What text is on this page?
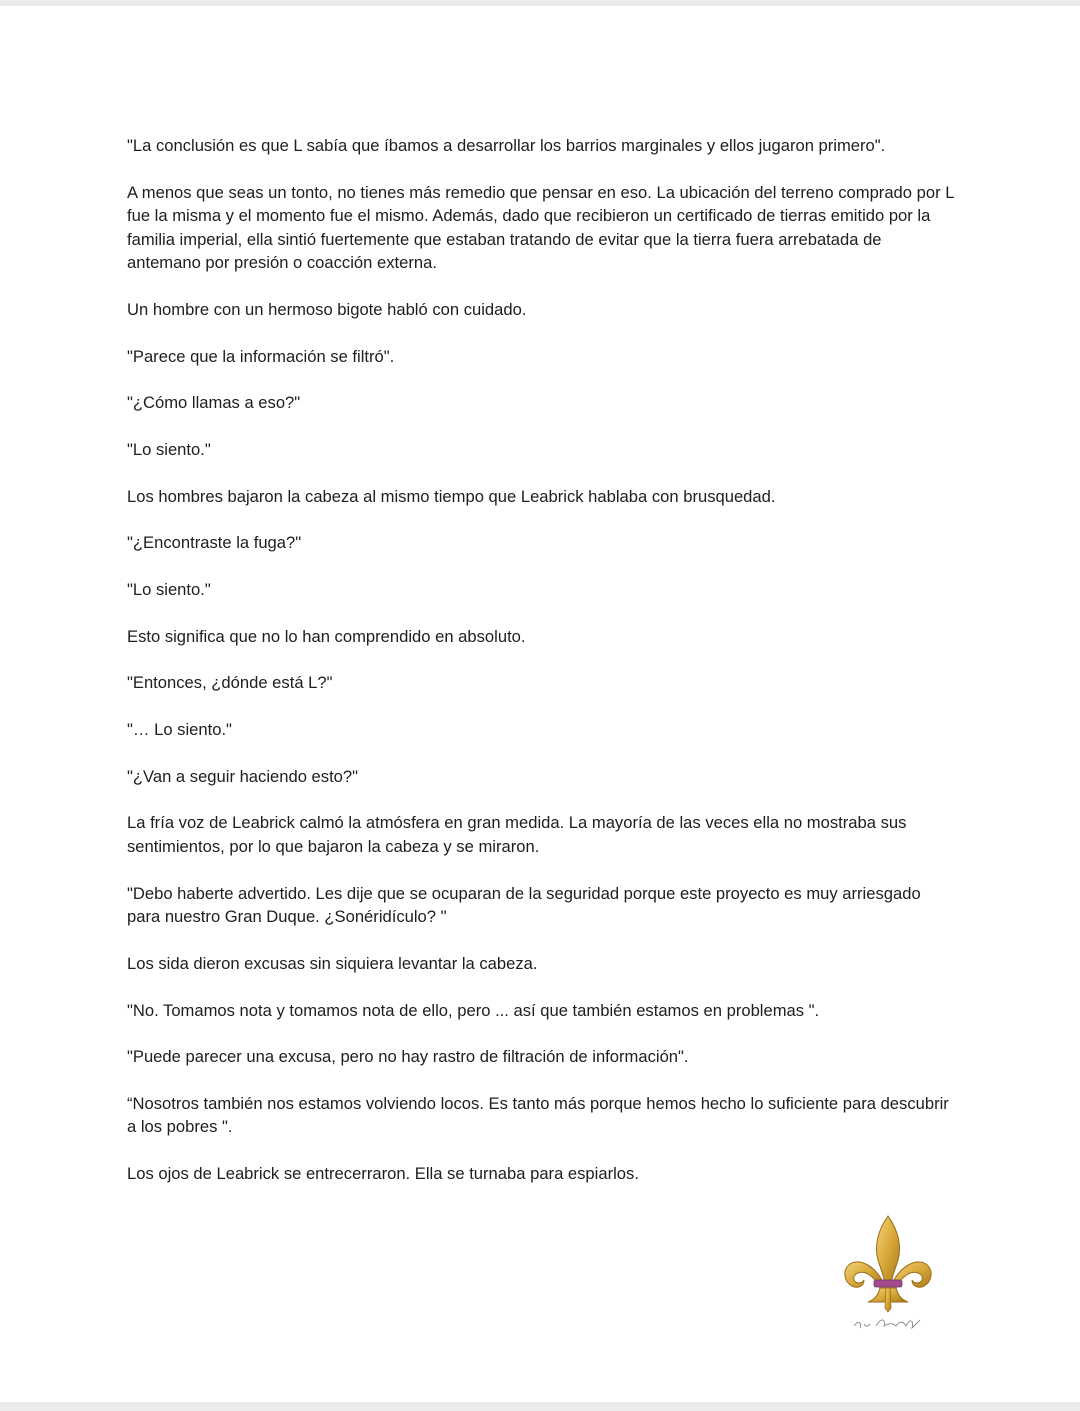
"La conclusión es que L sabía que íbamos a desarrollar los barrios marginales y ellos jugaron primero".

A menos que seas un tonto, no tienes más remedio que pensar en eso. La ubicación del terreno comprado por L fue la misma y el momento fue el mismo. Además, dado que recibieron un certificado de tierras emitido por la familia imperial, ella sintió fuertemente que estaban tratando de evitar que la tierra fuera arrebatada de antemano por presión o coacción externa.

Un hombre con un hermoso bigote habló con cuidado.

"Parece que la información se filtró".

"¿Cómo llamas a eso?"

"Lo siento."

Los hombres bajaron la cabeza al mismo tiempo que Leabrick hablaba con brusquedad.

"¿Encontraste la fuga?"

"Lo siento."

Esto significa que no lo han comprendido en absoluto.

"Entonces, ¿dónde está L?"

"… Lo siento."

"¿Van a seguir haciendo esto?"

La fría voz de Leabrick calmó la atmósfera en gran medida. La mayoría de las veces ella no mostraba sus sentimientos, por lo que bajaron la cabeza y se miraron.

"Debo haberte advertido. Les dije que se ocuparan de la seguridad porque este proyecto es muy arriesgado para nuestro Gran Duque. ¿Sonéridículo? "

Los sida dieron excusas sin siquiera levantar la cabeza.

"No. Tomamos nota y tomamos nota de ello, pero ... así que también estamos en problemas ".

"Puede parecer una excusa, pero no hay rastro de filtración de información".

“Nosotros también nos estamos volviendo locos. Es tanto más porque hemos hecho lo suficiente para descubrir a los pobres ".

Los ojos de Leabrick se entrecerraron. Ella se turnaba para espiarlos.
